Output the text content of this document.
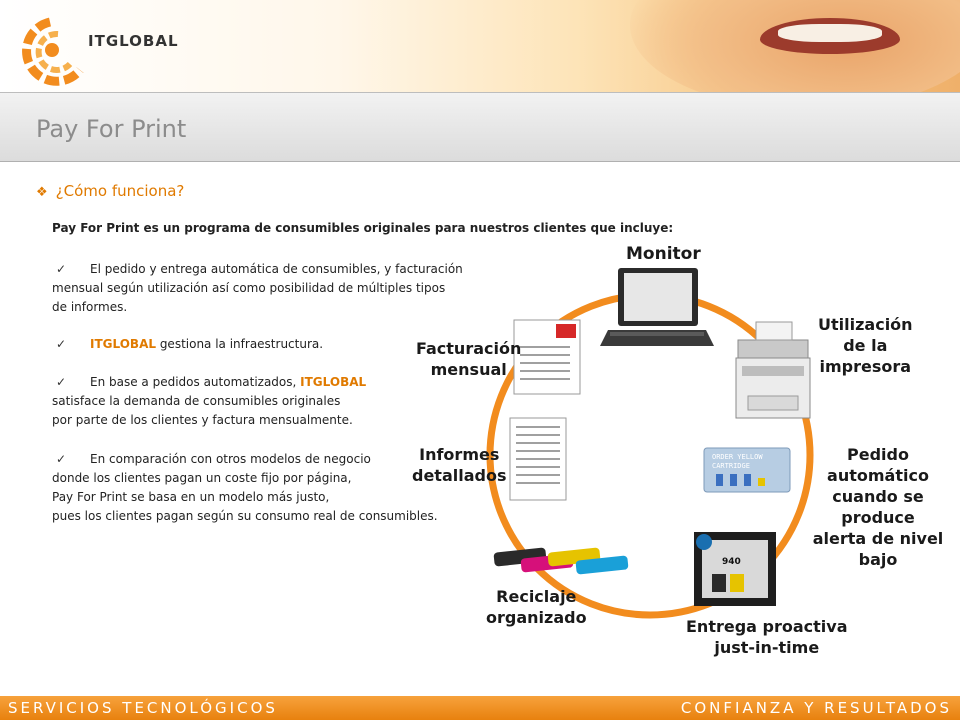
ITGLOBAL
Pay For Print
❖ ¿Cómo funciona?
Pay For Print es un programa de consumibles originales para nuestros clientes que incluye:
✓ El pedido y entrega automática de consumibles, y facturación
mensual según utilización así como posibilidad de múltiples tipos
de informes.
✓ ITGLOBAL gestiona la infraestructura.
✓ En base a pedidos automatizados, ITGLOBAL
satisface la demanda de consumibles originales
por parte de los clientes y factura mensualmente.
✓ En comparación con otros modelos de negocio
donde los clientes pagan un coste fijo por página,
Pay For Print se basa en un modelo más justo,
pues los clientes pagan según su consumo real de consumibles.
ORDER YELLOW
CARTRIDGE
940
Monitor
Utilización
de la
impresora
Pedido automático
cuando se produce
alerta de nivel bajo
Entrega proactiva
just-in-time
Reciclaje
organizado
Informes
detallados
Facturación
mensual
SERVICIOS TECNOLÓGICOS	CONFIANZA Y RESULTADOS
